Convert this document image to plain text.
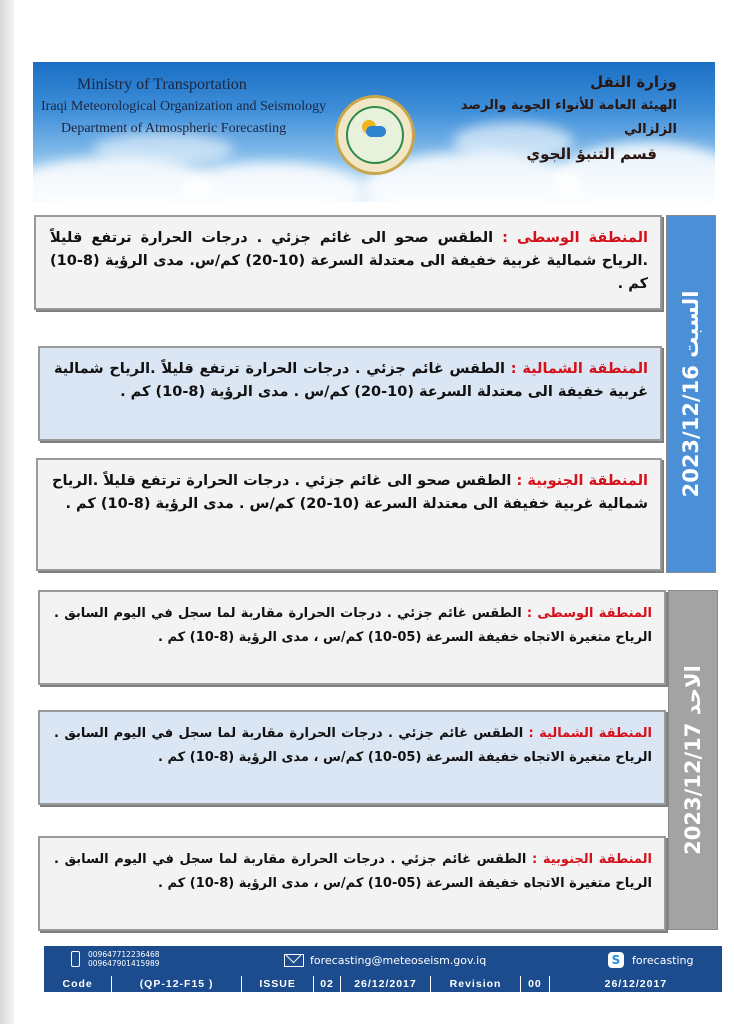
Ministry of Transportation
Iraqi Meteorological Organization and Seismology
Department of Atmospheric Forecasting
وزارة النقل
الهيئة العامة للأنواء الجوية والرصد الزلزالي
قسم التنبؤ الجوي
السبت 2023/12/16
الاحد 2023/12/17
المنطقة الوسطى : الطقس صحو الى غائم جزئي . درجات الحرارة ترتفع قليلاً .الرياح شمالية غربية خفيفة الى معتدلة السرعة (10-20) كم/س. مدى الرؤية (8-10) كم .
المنطقة الشمالية : الطقس غائم جزئي . درجات الحرارة ترتفع قليلاً .الرياح شمالية غربية خفيفة الى معتدلة السرعة (10-20) كم/س . مدى الرؤية (8-10) كم .
المنطقة الجنوبية : الطقس صحو الى غائم جزئي . درجات الحرارة ترتفع قليلاً .الرياح شمالية غربية خفيفة الى معتدلة السرعة (10-20) كم/س . مدى الرؤية (8-10) كم .
المنطقة الوسطى : الطقس غائم جزئي . درجات الحرارة مقاربة لما سجل في اليوم السابق . الرياح متغيرة الاتجاه خفيفة السرعة (05-10) كم/س ، مدى الرؤية (8-10) كم .
المنطقة الشمالية : الطقس غائم جزئي . درجات الحرارة مقاربة لما سجل في اليوم السابق . الرياح متغيرة الاتجاه خفيفة السرعة (05-10) كم/س ، مدى الرؤية (8-10) كم .
المنطقة الجنوبية : الطقس غائم جزئي . درجات الحرارة مقاربة لما سجل في اليوم السابق . الرياح متغيرة الاتجاه خفيفة السرعة (05-10) كم/س ، مدى الرؤية (8-10) كم .
009647712236468
009647901415989	forecasting@meteoseism.gov.iq	S	forecasting
Code	(QP-12-F15 )	ISSUE	02	26/12/2017	Revision	00	26/12/2017
